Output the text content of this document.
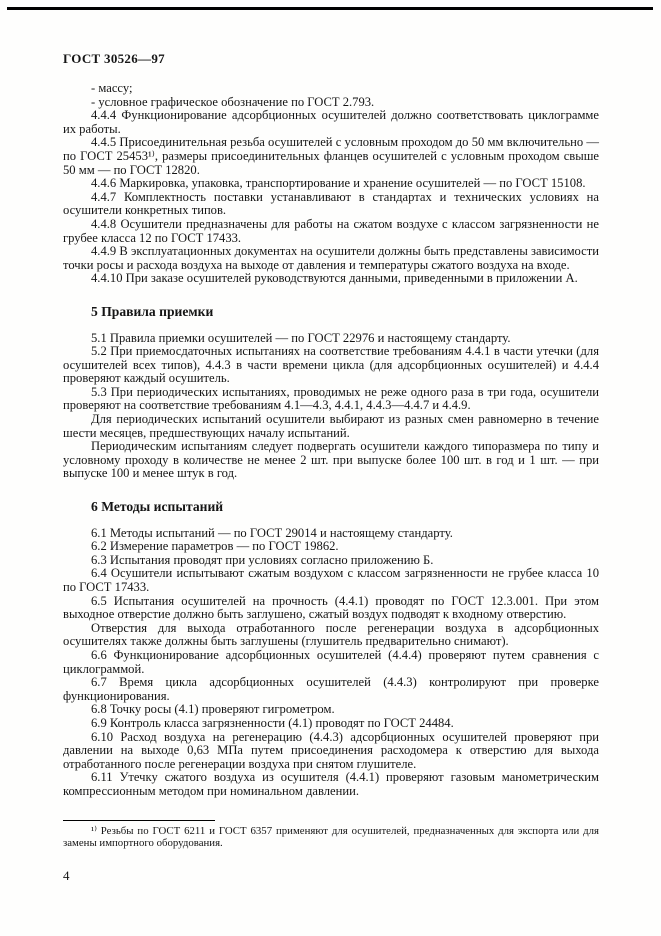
ГОСТ 30526—97

- массу;

- условное графическое обозначение по ГОСТ 2.793.

4.4.4 Функционирование адсорбционных осушителей должно соответствовать циклограмме их работы.

4.4.5 Присоединительная резьба осушителей с условным проходом до 50 мм включительно — по ГОСТ 25453¹⁾, размеры присоединительных фланцев осушителей с условным проходом свыше 50 мм — по ГОСТ 12820.

4.4.6 Маркировка, упаковка, транспортирование и хранение осушителей — по ГОСТ 15108.

4.4.7 Комплектность поставки устанавливают в стандартах и технических условиях на осушители конкретных типов.

4.4.8 Осушители предназначены для работы на сжатом воздухе с классом загрязненности не грубее класса 12 по ГОСТ 17433.

4.4.9 В эксплуатационных документах на осушители должны быть представлены зависимости точки росы и расхода воздуха на выходе от давления и температуры сжатого воздуха на входе.

4.4.10 При заказе осушителей руководствуются данными, приведенными в приложении А.

5 Правила приемки

5.1 Правила приемки осушителей — по ГОСТ 22976 и настоящему стандарту.

5.2 При приемосдаточных испытаниях на соответствие требованиям 4.4.1 в части утечки (для осушителей всех типов), 4.4.3 в части времени цикла (для адсорбционных осушителей) и 4.4.4 проверяют каждый осушитель.

5.3 При периодических испытаниях, проводимых не реже одного раза в три года, осушители проверяют на соответствие требованиям 4.1—4.3, 4.4.1, 4.4.3—4.4.7 и 4.4.9.

Для периодических испытаний осушители выбирают из разных смен равномерно в течение шести месяцев, предшествующих началу испытаний.

Периодическим испытаниям следует подвергать осушители каждого типоразмера по типу и условному проходу в количестве не менее 2 шт. при выпуске более 100 шт. в год и 1 шт. — при выпуске 100 и менее штук в год.

6 Методы испытаний

6.1 Методы испытаний — по ГОСТ 29014 и настоящему стандарту.

6.2 Измерение параметров — по ГОСТ 19862.

6.3 Испытания проводят при условиях согласно приложению Б.

6.4 Осушители испытывают сжатым воздухом с классом загрязненности не грубее класса 10 по ГОСТ 17433.

6.5 Испытания осушителей на прочность (4.4.1) проводят по ГОСТ 12.3.001. При этом выходное отверстие должно быть заглушено, сжатый воздух подводят к входному отверстию.

Отверстия для выхода отработанного после регенерации воздуха в адсорбционных осушителях также должны быть заглушены (глушитель предварительно снимают).

6.6 Функционирование адсорбционных осушителей (4.4.4) проверяют путем сравнения с циклограммой.

6.7 Время цикла адсорбционных осушителей (4.4.3) контролируют при проверке функционирования.

6.8 Точку росы (4.1) проверяют гигрометром.

6.9 Контроль класса загрязненности (4.1) проводят по ГОСТ 24484.

6.10 Расход воздуха на регенерацию (4.4.3) адсорбционных осушителей проверяют при давлении на выходе 0,63 МПа путем присоединения расходомера к отверстию для выхода отработанного после регенерации воздуха при снятом глушителе.

6.11 Утечку сжатого воздуха из осушителя (4.4.1) проверяют газовым манометрическим компрессионным методом при номинальном давлении.

¹⁾ Резьбы по ГОСТ 6211 и ГОСТ 6357 применяют для осушителей, предназначенных для экспорта или для замены импортного оборудования.

4
